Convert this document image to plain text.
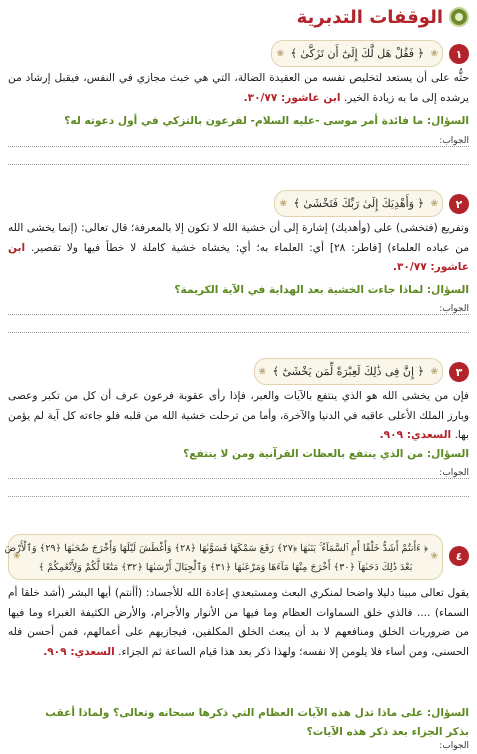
الوقفات التدبرية
١
❀ ﴿ فَقُلْ هَل لَّكَ إِلَىٰٓ أَن تَزَكَّىٰ ﴾
❀
حثُّه على أن يستعد لتخليص نفسه من العقيدة الضالة، التي هي خبث مجازي في النفس، فيقبل إرشاد من يرشده إلى ما به زيادة الخير. ابن عاشور: ٣٠/٧٧.
السؤال: ما فائدة أمر موسى -عليه السلام- لفرعون بالتزكي في أول دعوته له؟
الجواب:
٢
❀ ﴿ وَأَهْدِيَكَ إِلَىٰ رَبِّكَ فَتَخْشَىٰ ﴾
❀
وتفريع (فتخشى) على (وأهديك) إشارة إلى أن خشية الله لا تكون إلا بالمعرفة؛ قال تعالى: (إنما يخشى الله من عباده العلماء) [فاطر: ٢٨] أي: العلماء به؛ أي: يخشاه خشية كاملة لا خطأ فيها ولا تقصير. ابن عاشور: ٣٠/٧٧.
السؤال: لماذا جاءت الخشية بعد الهداية في الآية الكريمة؟
الجواب:
٣
❀ ﴿ إِنَّ فِى ذَٰلِكَ لَعِبْرَةً لِّمَن يَخْشَىٰٓ ﴾
❀
فإن من يخشى الله هو الذي ينتفع بالآيات والعبر، فإذا رأى عقوبة فرعون عرف أن كل من تكبر وعصى وبارز الملك الأعلى عاقبه في الدنيا والآخرة، وأما من ترحلت خشية الله من قلبه فلو جاءته كل آية لم يؤمن بها. السعدي: ٩٠٩.
السؤال: من الذي ينتفع بالعظات القرآنية ومن لا ينتفع؟
الجواب:
٤
❀ ﴿ ءَأَنتُمْ أَشَدُّ خَلْقًا أَمِ ٱلسَّمَآءُ ۚ بَنَىٰهَا ﴿٢٧﴾ رَفَعَ سَمْكَهَا فَسَوَّىٰهَا ﴿٢٨﴾ وَأَغْطَشَ لَيْلَهَا وَأَخْرَجَ ضُحَىٰهَا ﴿٢٩﴾ وَٱلْأَرْضَ
بَعْدَ ذَٰلِكَ دَحَىٰهَآ ﴿٣٠﴾ أَخْرَجَ مِنْهَا مَآءَهَا وَمَرْعَىٰهَا ﴿٣١﴾ وَٱلْجِبَالَ أَرْسَىٰهَا ﴿٣٢﴾ مَتَٰعًا لَّكُمْ وَلِأَنْعَٰمِكُمْ ﴾
❀
يقول تعالى مبينا دليلا واضحا لمنكري البعث ومستبعدي إعادة الله للأجساد: (أأنتم) أيها البشر (أشد خلقا أم السماء) .... فالذي خلق السماوات العظام وما فيها من الأنوار والأجرام، والأرض الكثيفة الغبراء وما فيها من ضروريات الخلق ومنافعهم لا بد أن يبعث الخلق المكلفين، فيجازيهم على أعمالهم، فمن أحسن فله الحسنى، ومن أساء فلا يلومن إلا نفسه؛ ولهذا ذكر بعد هذا قيام الساعة ثم الجزاء. السعدي: ٩٠٩.
السؤال: على ماذا تدل هذه الآيات العظام التي ذكرها سبحانه وتعالى؟ ولماذا أعقب
بذكر الجزاء بعد ذكر هذه الآيات؟
الجواب:
